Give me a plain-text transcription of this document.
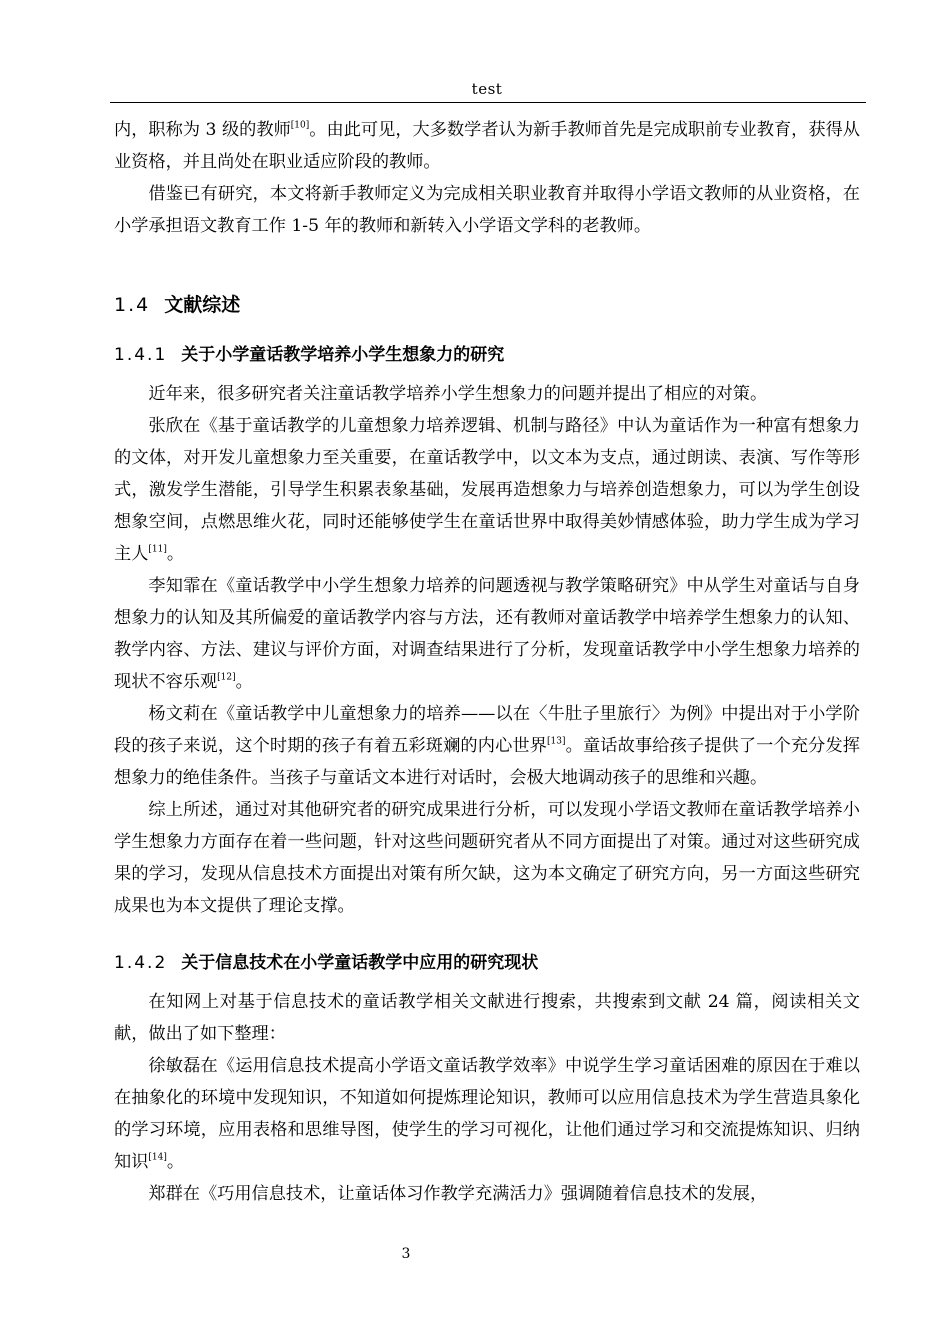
test

内，职称为 3 级的教师[10]。由此可见，大多数学者认为新手教师首先是完成职前专业教育，获得从业资格，并且尚处在职业适应阶段的教师。

借鉴已有研究，本文将新手教师定义为完成相关职业教育并取得小学语文教师的从业资格，在小学承担语文教育工作 1-5 年的教师和新转入小学语文学科的老教师。

1.4 文献综述
1.4.1 关于小学童话教学培养小学生想象力的研究

近年来，很多研究者关注童话教学培养小学生想象力的问题并提出了相应的对策。

张欣在《基于童话教学的儿童想象力培养逻辑、机制与路径》中认为童话作为一种富有想象力的文体，对开发儿童想象力至关重要，在童话教学中，以文本为支点，通过朗读、表演、写作等形式，激发学生潜能，引导学生积累表象基础，发展再造想象力与培养创造想象力，可以为学生创设想象空间，点燃思维火花，同时还能够使学生在童话世界中取得美妙情感体验，助力学生成为学习主人[11]。

李知霏在《童话教学中小学生想象力培养的问题透视与教学策略研究》中从学生对童话与自身想象力的认知及其所偏爱的童话教学内容与方法，还有教师对童话教学中培养学生想象力的认知、教学内容、方法、建议与评价方面，对调查结果进行了分析，发现童话教学中小学生想象力培养的现状不容乐观[12]。

杨文莉在《童话教学中儿童想象力的培养——以在〈牛肚子里旅行〉为例》中提出对于小学阶段的孩子来说，这个时期的孩子有着五彩斑斓的内心世界[13]。童话故事给孩子提供了一个充分发挥想象力的绝佳条件。当孩子与童话文本进行对话时，会极大地调动孩子的思维和兴趣。

综上所述，通过对其他研究者的研究成果进行分析，可以发现小学语文教师在童话教学培养小学生想象力方面存在着一些问题，针对这些问题研究者从不同方面提出了对策。通过对这些研究成果的学习，发现从信息技术方面提出对策有所欠缺，这为本文确定了研究方向，另一方面这些研究成果也为本文提供了理论支撑。

1.4.2 关于信息技术在小学童话教学中应用的研究现状

在知网上对基于信息技术的童话教学相关文献进行搜索，共搜索到文献 24 篇，阅读相关文献，做出了如下整理：

徐敏磊在《运用信息技术提高小学语文童话教学效率》中说学生学习童话困难的原因在于难以在抽象化的环境中发现知识，不知道如何提炼理论知识，教师可以应用信息技术为学生营造具象化的学习环境，应用表格和思维导图，使学生的学习可视化，让他们通过学习和交流提炼知识、归纳知识[14]。

郑群在《巧用信息技术，让童话体习作教学充满活力》强调随着信息技术的发展，

3
